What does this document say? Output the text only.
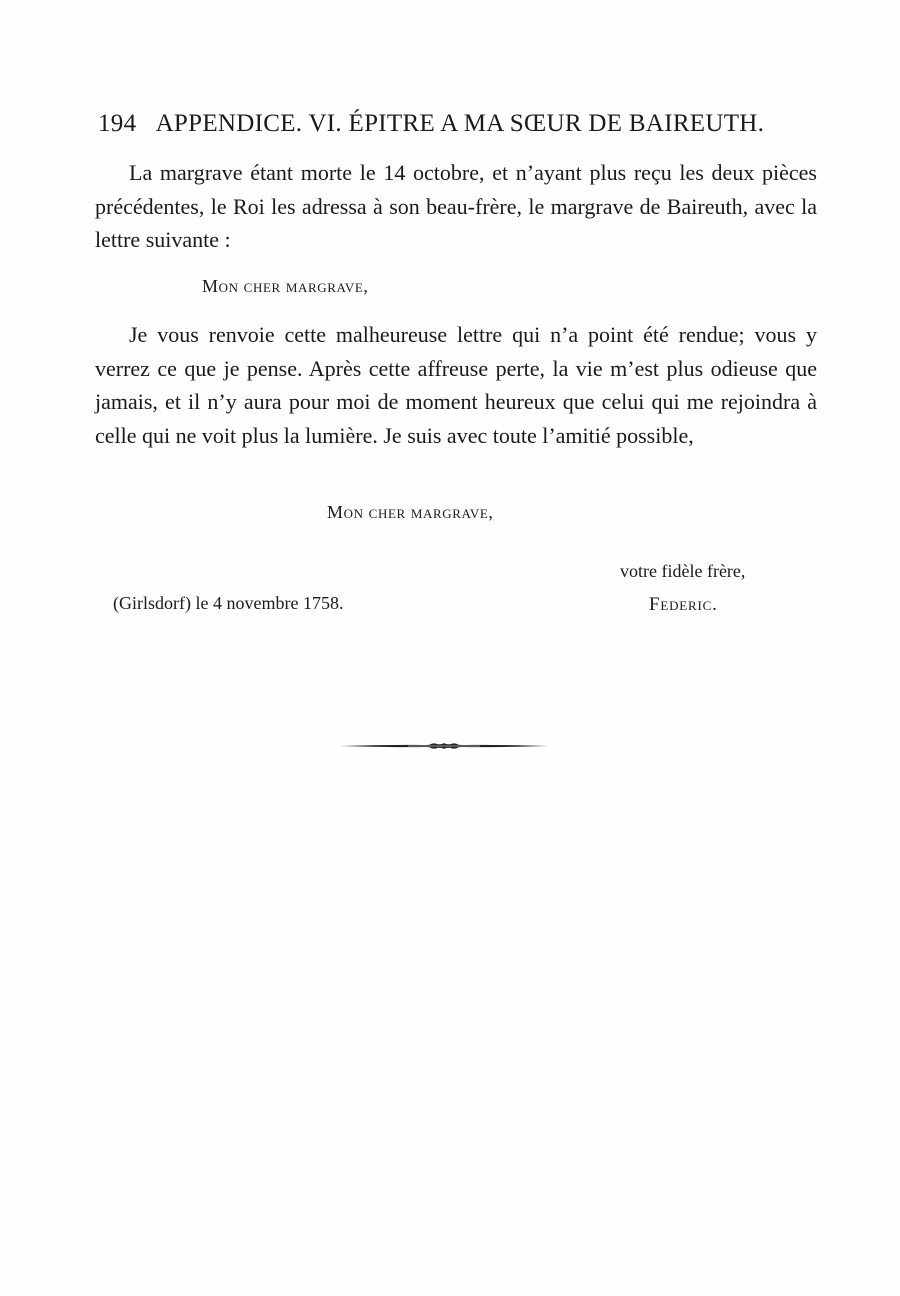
194 APPENDICE. VI. ÉPITRE A MA SŒUR DE BAIREUTH.

La margrave étant morte le 14 octobre, et n’ayant plus reçu les deux pièces précédentes, le Roi les adressa à son beau-frère, le margrave de Baireuth, avec la lettre suivante :

Mon cher margrave,

Je vous renvoie cette malheureuse lettre qui n’a point été rendue; vous y verrez ce que je pense. Après cette affreuse perte, la vie m’est plus odieuse que jamais, et il n’y aura pour moi de moment heureux que celui qui me rejoindra à celle qui ne voit plus la lumière. Je suis avec toute l’amitié possible,

Mon cher margrave,
votre fidèle frère,
(Girlsdorf) le 4 novembre 1758.	Federic.
